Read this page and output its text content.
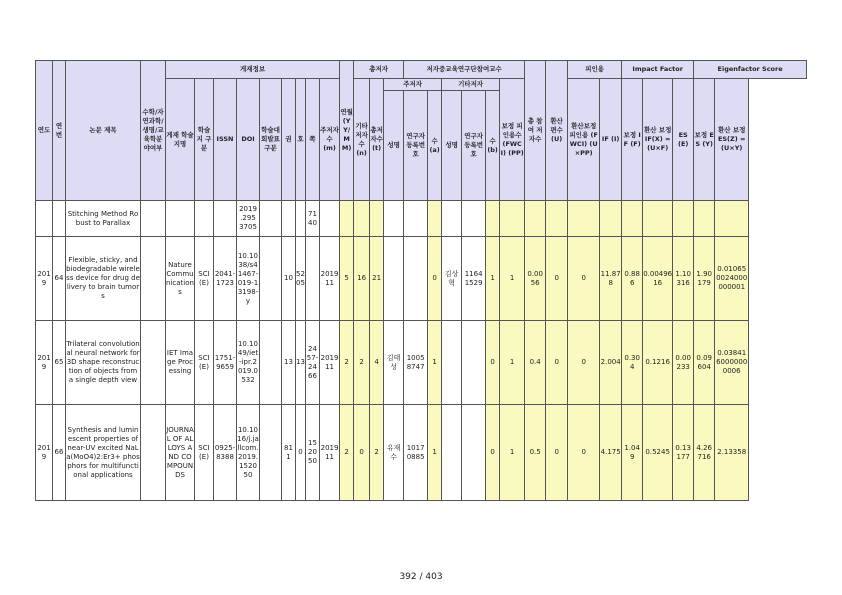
연도	연번	논문 제목	수학/자연과학/생명/교육학분야여부	게재정보									연월 (YY/MM)	총저자			저자중교육연구단참여교수						총 참여 저자수	환산 편수 (U)	피인용		Impact Factor			Eigenfactor Score	
				게재 학술지명	학술지 구분	ISSN	DOI	학술대 회발표 구분	권	호	쪽	주저자수 (m)		기타저자수 (n)	총저자수 (t)	주저자			기타저자			보정 피인용수 (FWCI) (PP)			환산보정피인용 (FWCI) (U×PP)	IF (I)	보정 IF (F)	환산 보정 IF(X) = (U×F)	ES (E)	보정 ES (Y)	환산 보정 ES(Z) =(U×Y)
																성명	연구자 등록번호	수 (a)	성명	연구자 등록번호	수 (b)										
		Stitching Method Robust to Parallax					2019 .295 3705				71 40																				
2019	64	Flexible, sticky, and biodegradable wireless device for drug delivery to brain tumors		Nature Communications	SCI(E)	2041-1723	10.1038/s41467-019-13198-y		10	5205		2019 11	5	16	21			0	김상혁	1164 1529	1	1	0.0056	0	0	11.878	0.886	0.0049616	1.10316	1.90179	0.010650024000000001
2019	65	Trilateral convolutional neural network for 3D shape reconstruction of objects from a single depth view		IET Image Processing	SCI(E)	1751-9659	10.1049/iet-ipr.2019.0532		13	13	2457-2466	2019 11	2	2	4	김태성	1005 8747	1			0	1	0.4	0	0	2.004	0.304	0.1216	0.00233	0.09604	0.0384160000000006
2019	66	Synthesis and luminescent properties of near-UV excited NaLa(MoO4)2:Er3+ phosphors for multifunctional applications		JOURNAL OF ALLOYS AND COMPOUNDS	SCI(E)	0925-8388	10.1016/j.jallcom.2019.152050		811	0	152050	2019 11	2	0	2	유재수	1017 0885	1			0	1	0.5	0	0	4.175	1.049	0.5245	0.13177	4.26716	2.13358
392 / 403
